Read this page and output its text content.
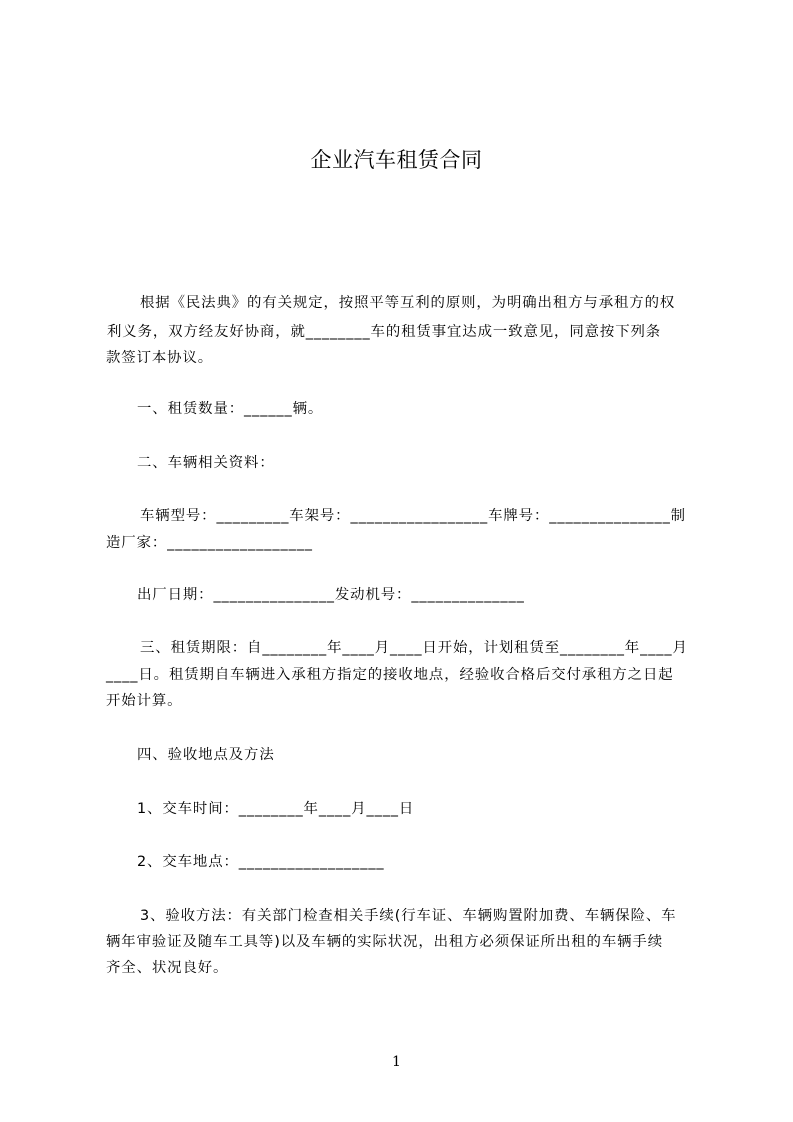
企业汽车租赁合同
根据《民法典》的有关规定，按照平等互利的原则，为明确出租方与承租方的权
利义务，双方经友好协商，就________车的租赁事宜达成一致意见，同意按下列条
款签订本协议。
一、租赁数量：______辆。
二、车辆相关资料：
车辆型号：_________车架号：_________________车牌号：_______________制
造厂家：__________________
出厂日期：_______________发动机号：______________
三、租赁期限：自________年____月____日开始，计划租赁至________年____月
____日。租赁期自车辆进入承租方指定的接收地点，经验收合格后交付承租方之日起
开始计算。
四、验收地点及方法
1、交车时间：________年____月____日
2、交车地点：__________________
3、验收方法：有关部门检查相关手续(行车证、车辆购置附加费、车辆保险、车
辆年审验证及随车工具等)以及车辆的实际状况，出租方必须保证所出租的车辆手续
齐全、状况良好。
1
